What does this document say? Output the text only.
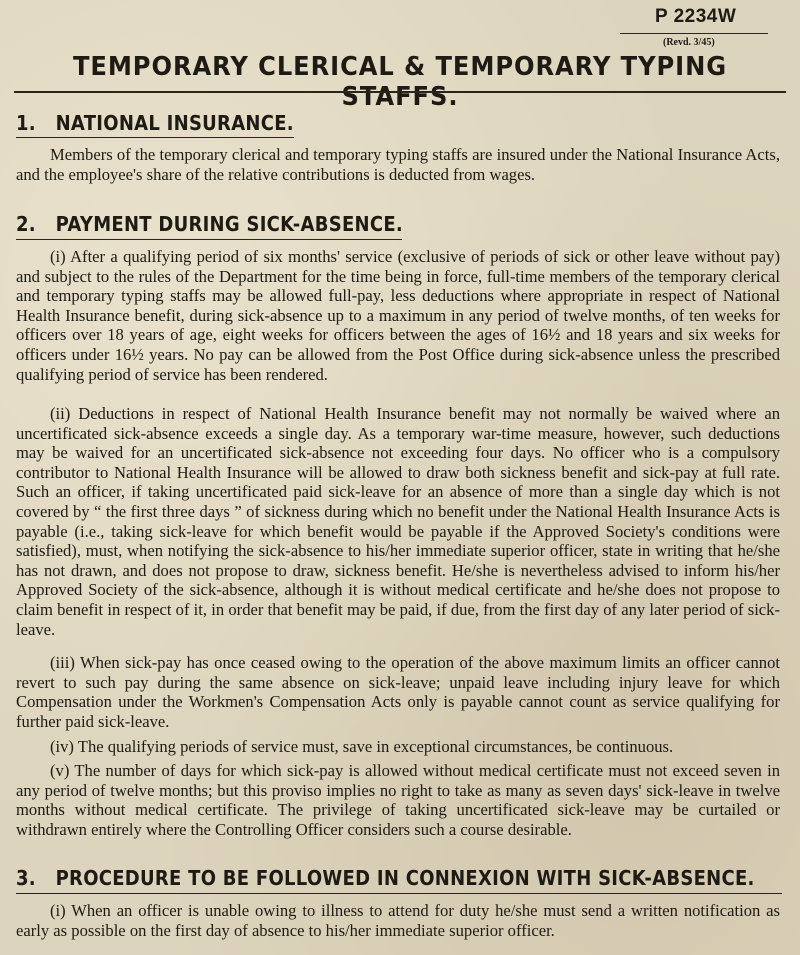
P 2234W
(Revd. 3/45)
TEMPORARY CLERICAL & TEMPORARY TYPING STAFFS.
1. NATIONAL INSURANCE.

Members of the temporary clerical and temporary typing staffs are insured under the National Insurance Acts, and the employee's share of the relative contributions is deducted from wages.

2. PAYMENT DURING SICK-ABSENCE.

(i) After a qualifying period of six months' service (exclusive of periods of sick or other leave without pay) and subject to the rules of the Department for the time being in force, full-time members of the temporary clerical and temporary typing staffs may be allowed full-pay, less deductions where appropriate in respect of National Health Insurance benefit, during sick-absence up to a maximum in any period of twelve months, of ten weeks for officers over 18 years of age, eight weeks for officers between the ages of 16½ and 18 years and six weeks for officers under 16½ years. No pay can be allowed from the Post Office during sick-absence unless the prescribed qualifying period of service has been rendered.

(ii) Deductions in respect of National Health Insurance benefit may not normally be waived where an uncertificated sick-absence exceeds a single day. As a temporary war-time measure, however, such deductions may be waived for an uncertificated sick-absence not exceeding four days. No officer who is a compulsory contributor to National Health Insurance will be allowed to draw both sickness benefit and sick-pay at full rate. Such an officer, if taking uncertificated paid sick-leave for an absence of more than a single day which is not covered by “ the first three days ” of sickness during which no benefit under the National Health Insurance Acts is payable (i.e., taking sick-leave for which benefit would be payable if the Approved Society's conditions were satisfied), must, when notifying the sick-absence to his/her immediate superior officer, state in writing that he/she has not drawn, and does not propose to draw, sickness benefit. He/she is nevertheless advised to inform his/her Approved Society of the sick-absence, although it is without medical certificate and he/she does not propose to claim benefit in respect of it, in order that benefit may be paid, if due, from the first day of any later period of sick-leave.

(iii) When sick-pay has once ceased owing to the operation of the above maximum limits an officer cannot revert to such pay during the same absence on sick-leave; unpaid leave including injury leave for which Compensation under the Workmen's Compensation Acts only is payable cannot count as service qualifying for further paid sick-leave.

(iv) The qualifying periods of service must, save in exceptional circumstances, be continuous.

(v) The number of days for which sick-pay is allowed without medical certificate must not exceed seven in any period of twelve months; but this proviso implies no right to take as many as seven days' sick-leave in twelve months without medical certificate. The privilege of taking uncertificated sick-leave may be curtailed or withdrawn entirely where the Controlling Officer considers such a course desirable.

3. PROCEDURE TO BE FOLLOWED IN CONNEXION WITH SICK-ABSENCE.

(i) When an officer is unable owing to illness to attend for duty he/she must send a written notification as early as possible on the first day of absence to his/her immediate superior officer.
